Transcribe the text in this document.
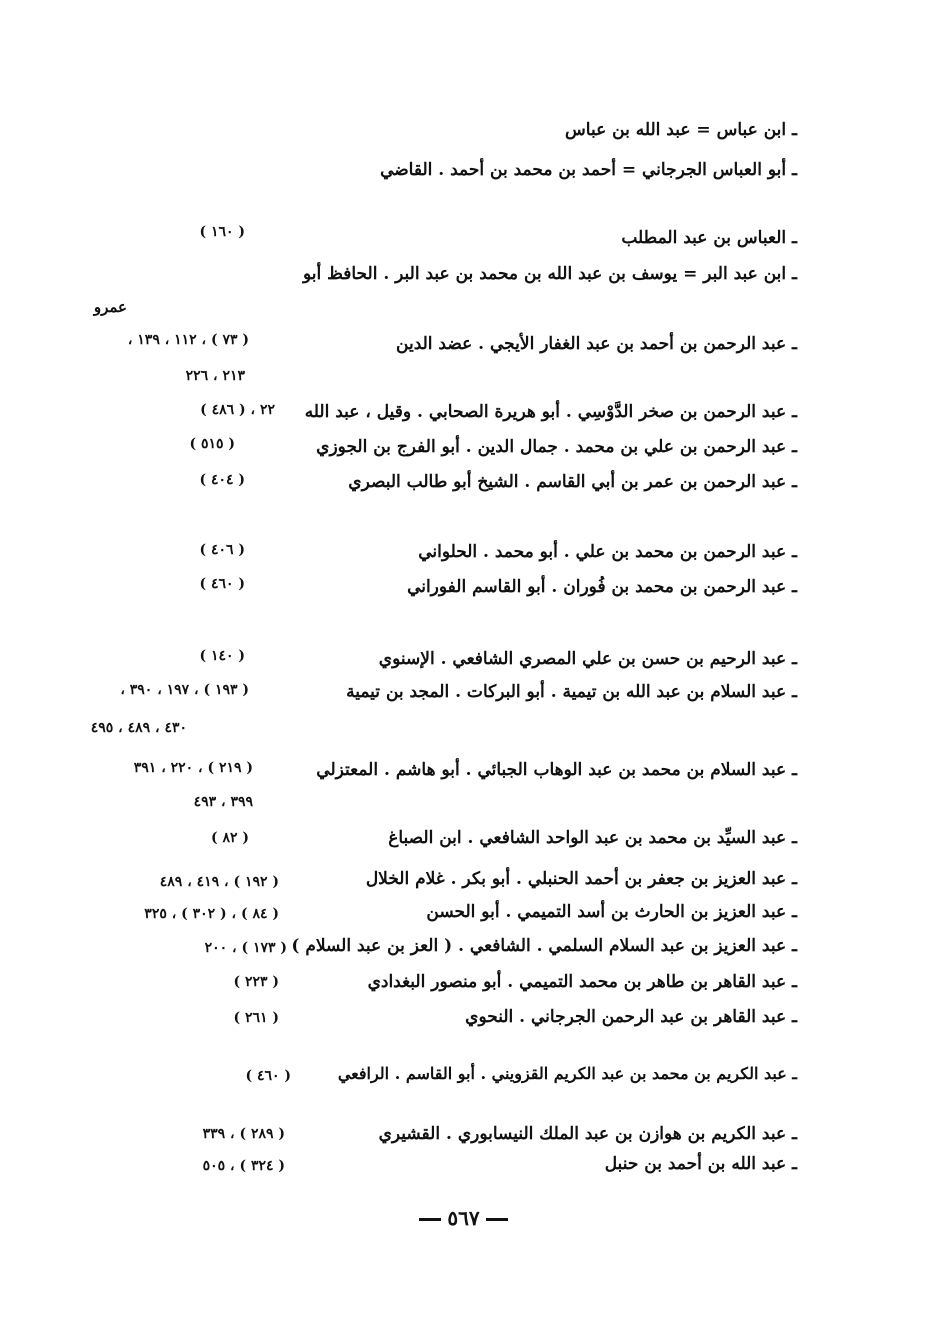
ـ ابن عباس = عبد الله بن عباس
ـ أبو العباس الجرجاني = أحمد بن محمد بن أحمد . القاضي
ـ العباس بن عبد المطلب
( ١٦٠ )
ـ ابن عبد البر = يوسف بن عبد الله بن محمد بن عبد البر . الحافظ أبو
عمرو
ـ عبد الرحمن بن أحمد بن عبد الغفار الأيجي . عضد الدين
( ٧٣ ) ، ١١٢ ، ١٣٩ ،
٢١٣ ، ٢٢٦
ـ عبد الرحمن بن صخر الدَّوْسِي . أبو هريرة الصحابي . وقيل ، عبد الله
٢٢ ، ( ٤٨٦ )
ـ عبد الرحمن بن علي بن محمد . جمال الدين . أبو الفرج بن الجوزي
( ٥١٥ )
ـ عبد الرحمن بن عمر بن أبي القاسم . الشيخ أبو طالب البصري
( ٤٠٤ )
ـ عبد الرحمن بن محمد بن علي . أبو محمد . الحلواني
( ٤٠٦ )
ـ عبد الرحمن بن محمد بن فُوران . أبو القاسم الفوراني
( ٤٦٠ )
ـ عبد الرحيم بن حسن بن علي المصري الشافعي . الإسنوي
( ١٤٠ )
ـ عبد السلام بن عبد الله بن تيمية . أبو البركات . المجد بن تيمية
( ١٩٣ ) ، ١٩٧ ، ٣٩٠ ،
٤٣٠ ، ٤٨٩ ، ٤٩٥
ـ عبد السلام بن محمد بن عبد الوهاب الجبائي . أبو هاشم . المعتزلي
( ٢١٩ ) ، ٢٢٠ ، ٣٩١
٣٩٩ ، ٤٩٣
ـ عبد السيِّد بن محمد بن عبد الواحد الشافعي . ابن الصباغ
( ٨٢ )
ـ عبد العزيز بن جعفر بن أحمد الحنبلي . أبو بكر . غلام الخلال
( ١٩٢ ) ، ٤١٩ ، ٤٨٩
ـ عبد العزيز بن الحارث بن أسد التميمي . أبو الحسن
( ٨٤ ) ، ( ٣٠٢ ) ، ٣٢٥
ـ عبد العزيز بن عبد السلام السلمي . الشافعي . ( العز بن عبد السلام )
( ١٧٣ ) ، ٢٠٠
ـ عبد القاهر بن طاهر بن محمد التميمي . أبو منصور البغدادي
( ٢٢٣ )
ـ عبد القاهر بن عبد الرحمن الجرجاني . النحوي
( ٢٦١ )
ـ عبد الكريم بن محمد بن عبد الكريم القزويني . أبو القاسم . الرافعي
( ٤٦٠ )
ـ عبد الكريم بن هوازن بن عبد الملك النيسابوري . القشيري
( ٢٨٩ ) ، ٣٣٩
ـ عبد الله بن أحمد بن حنبل
( ٣٢٤ ) ، ٥٠٥
٥٦٧
